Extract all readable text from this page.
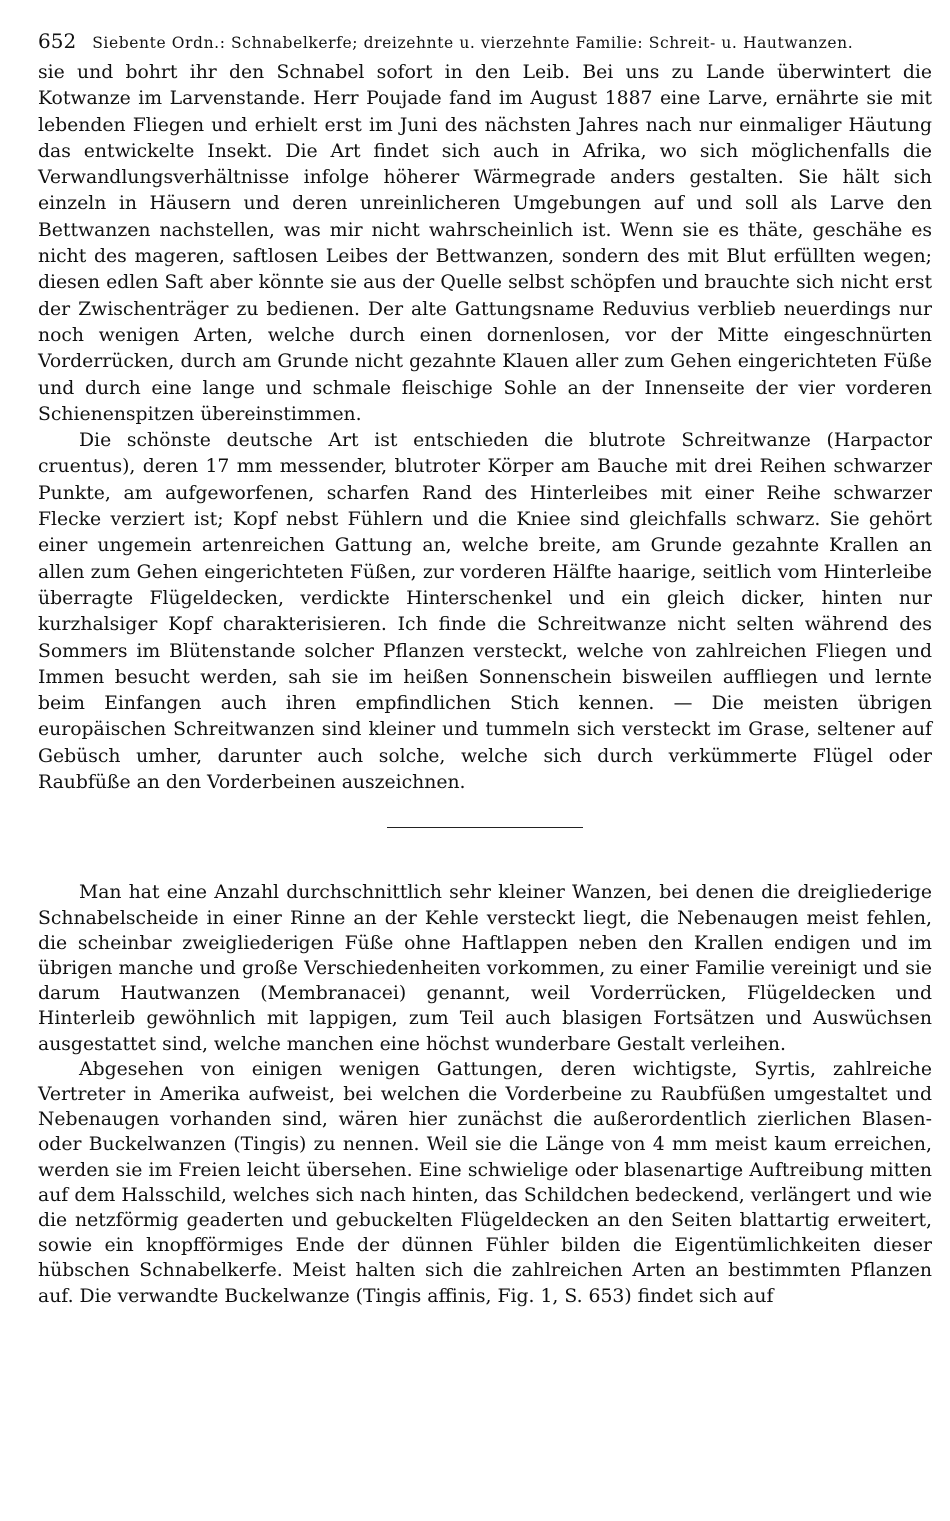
652 Siebente Ordn.: Schnabelkerfe; dreizehnte u. vierzehnte Familie: Schreit- u. Hautwanzen.

sie und bohrt ihr den Schnabel sofort in den Leib. Bei uns zu Lande überwintert die Kotwanze im Larvenstande. Herr Poujade fand im August 1887 eine Larve, ernährte sie mit lebenden Fliegen und erhielt erst im Juni des nächsten Jahres nach nur einmaliger Häutung das entwickelte Insekt. Die Art findet sich auch in Afrika, wo sich möglichenfalls die Verwandlungsverhältnisse infolge höherer Wärmegrade anders gestalten. Sie hält sich einzeln in Häusern und deren unreinlicheren Umgebungen auf und soll als Larve den Bettwanzen nachstellen, was mir nicht wahrscheinlich ist. Wenn sie es thäte, geschähe es nicht des mageren, saftlosen Leibes der Bettwanzen, sondern des mit Blut erfüllten wegen; diesen edlen Saft aber könnte sie aus der Quelle selbst schöpfen und brauchte sich nicht erst der Zwischenträger zu bedienen. Der alte Gattungsname Reduvius verblieb neuerdings nur noch wenigen Arten, welche durch einen dornenlosen, vor der Mitte eingeschnürten Vorderrücken, durch am Grunde nicht gezahnte Klauen aller zum Gehen eingerichteten Füße und durch eine lange und schmale fleischige Sohle an der Innenseite der vier vorderen Schienenspitzen übereinstimmen.

Die schönste deutsche Art ist entschieden die blutrote Schreitwanze (Harpactor cruentus), deren 17 mm messender, blutroter Körper am Bauche mit drei Reihen schwarzer Punkte, am aufgeworfenen, scharfen Rand des Hinterleibes mit einer Reihe schwarzer Flecke verziert ist; Kopf nebst Fühlern und die Kniee sind gleichfalls schwarz. Sie gehört einer ungemein artenreichen Gattung an, welche breite, am Grunde gezahnte Krallen an allen zum Gehen eingerichteten Füßen, zur vorderen Hälfte haarige, seitlich vom Hinterleibe überragte Flügeldecken, verdickte Hinterschenkel und ein gleich dicker, hinten nur kurzhalsiger Kopf charakterisieren. Ich finde die Schreitwanze nicht selten während des Sommers im Blütenstande solcher Pflanzen versteckt, welche von zahlreichen Fliegen und Immen besucht werden, sah sie im heißen Sonnenschein bisweilen auffliegen und lernte beim Einfangen auch ihren empfindlichen Stich kennen. — Die meisten übrigen europäischen Schreitwanzen sind kleiner und tummeln sich versteckt im Grase, seltener auf Gebüsch umher, darunter auch solche, welche sich durch verkümmerte Flügel oder Raubfüße an den Vorderbeinen auszeichnen.

Man hat eine Anzahl durchschnittlich sehr kleiner Wanzen, bei denen die dreigliederige Schnabelscheide in einer Rinne an der Kehle versteckt liegt, die Nebenaugen meist fehlen, die scheinbar zweigliederigen Füße ohne Haftlappen neben den Krallen endigen und im übrigen manche und große Verschiedenheiten vorkommen, zu einer Familie vereinigt und sie darum Hautwanzen (Membranacei) genannt, weil Vorderrücken, Flügeldecken und Hinterleib gewöhnlich mit lappigen, zum Teil auch blasigen Fortsätzen und Auswüchsen ausgestattet sind, welche manchen eine höchst wunderbare Gestalt verleihen.

Abgesehen von einigen wenigen Gattungen, deren wichtigste, Syrtis, zahlreiche Vertreter in Amerika aufweist, bei welchen die Vorderbeine zu Raubfüßen umgestaltet und Nebenaugen vorhanden sind, wären hier zunächst die außerordentlich zierlichen Blasen- oder Buckelwanzen (Tingis) zu nennen. Weil sie die Länge von 4 mm meist kaum erreichen, werden sie im Freien leicht übersehen. Eine schwielige oder blasenartige Auftreibung mitten auf dem Halsschild, welches sich nach hinten, das Schildchen bedeckend, verlängert und wie die netzförmig geaderten und gebuckelten Flügeldecken an den Seiten blattartig erweitert, sowie ein knopfförmiges Ende der dünnen Fühler bilden die Eigentümlichkeiten dieser hübschen Schnabelkerfe. Meist halten sich die zahlreichen Arten an bestimmten Pflanzen auf. Die verwandte Buckelwanze (Tingis affinis, Fig. 1, S. 653) findet sich auf
